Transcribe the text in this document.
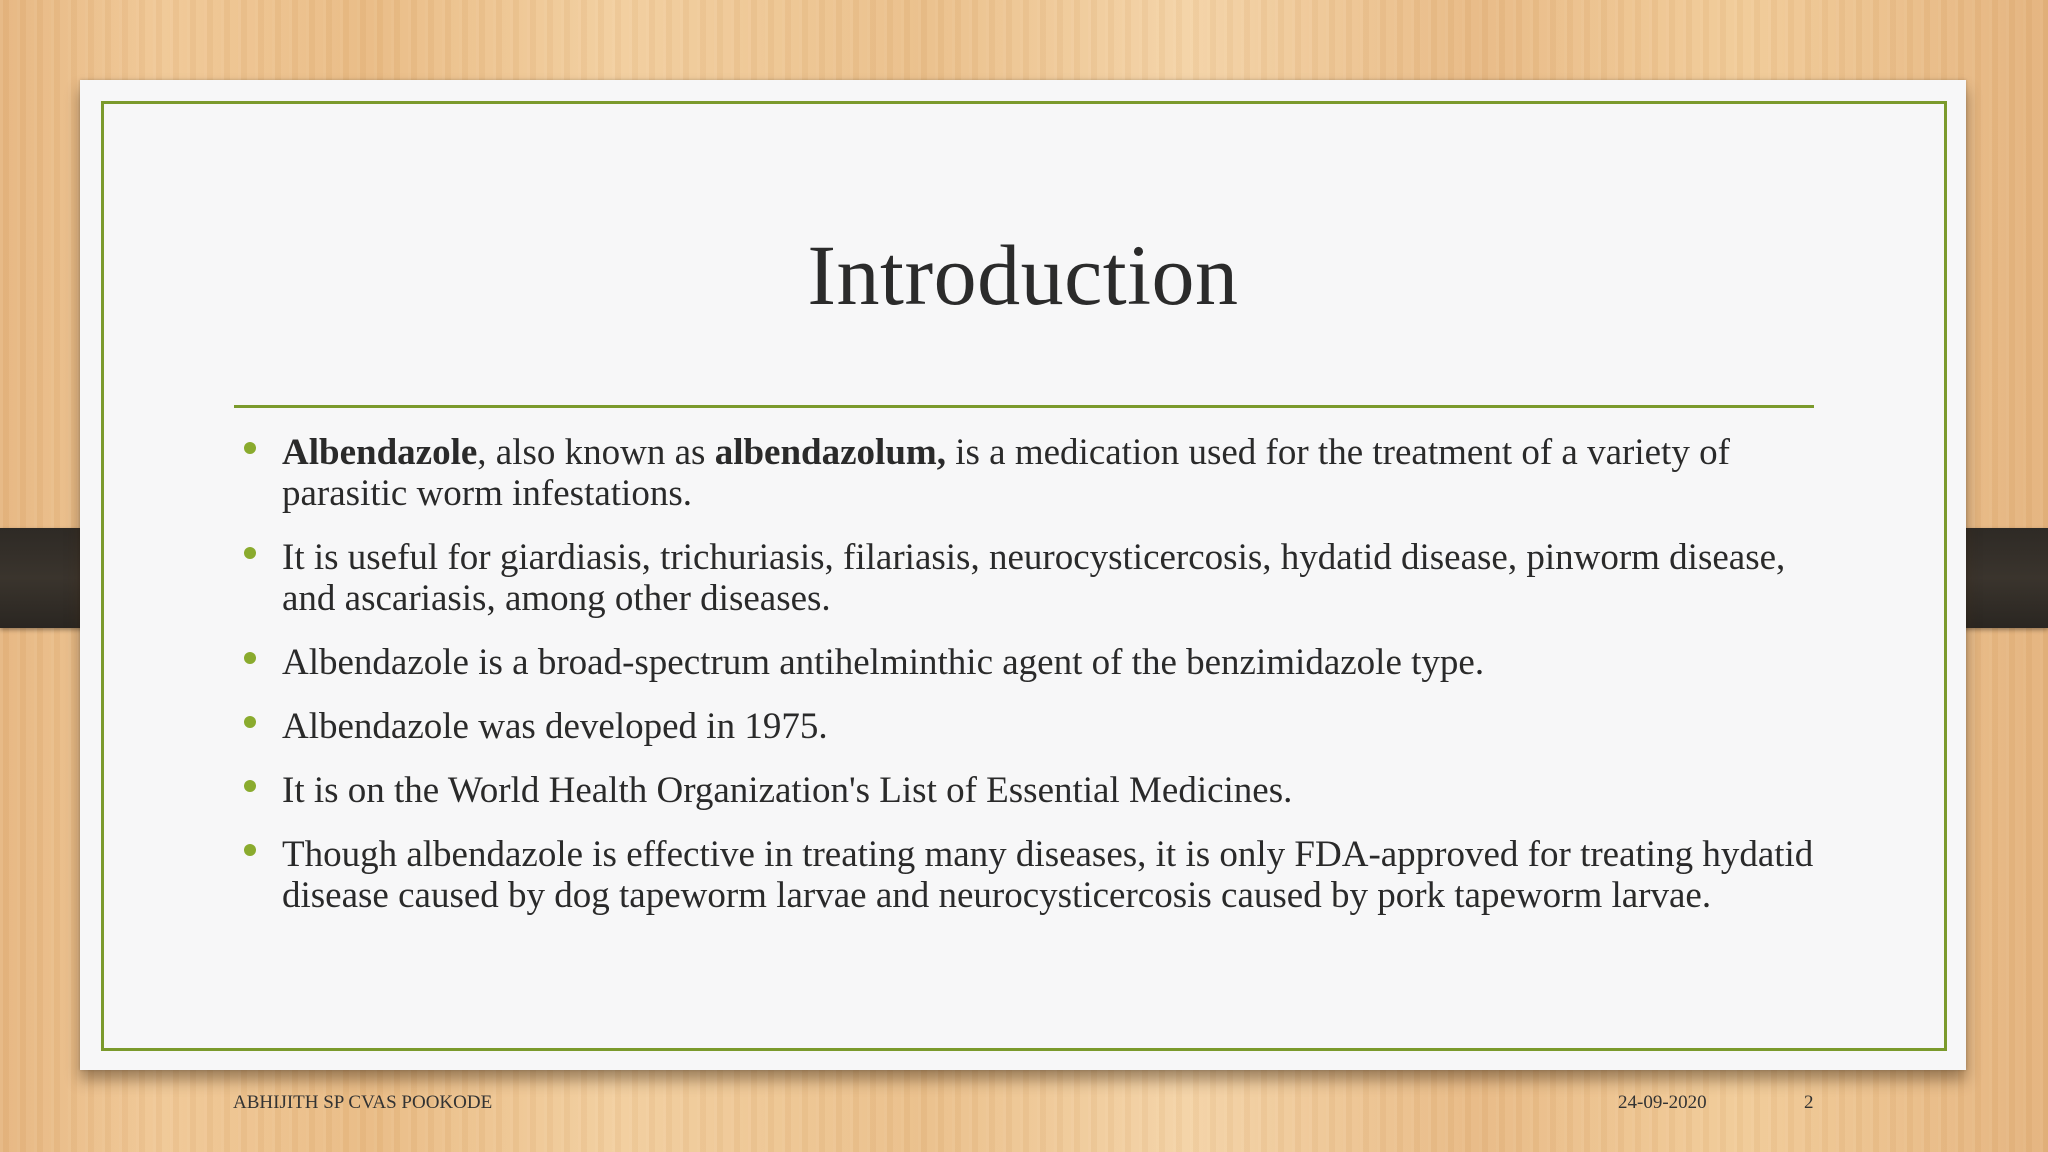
Introduction
Albendazole, also known as albendazolum, is a medication used for the treatment of a variety of parasitic worm infestations.
It is useful for giardiasis, trichuriasis, filariasis, neurocysticercosis, hydatid disease, pinworm disease, and ascariasis, among other diseases.
Albendazole is a broad-spectrum antihelminthic agent of the benzimidazole type.
Albendazole was developed in 1975.
It is on the World Health Organization's List of Essential Medicines.
Though albendazole is effective in treating many diseases, it is only FDA-approved for treating hydatid disease caused by dog tapeworm larvae and neurocysticercosis caused by pork tapeworm larvae.
ABHIJITH SP CVAS POOKODE	24-09-2020	2
